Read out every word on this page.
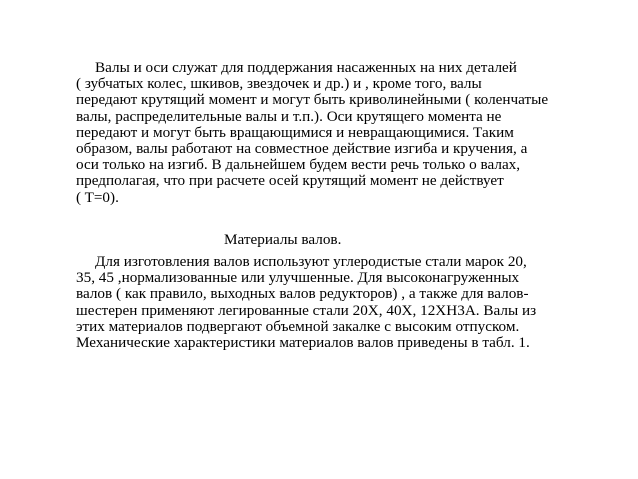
Валы и оси служат для поддержания насаженных на них деталей
( зубчатых колес, шкивов, звездочек и др.) и , кроме того, валы
передают крутящий момент и могут быть криволинейными ( коленчатые
валы, распределительные валы и т.п.). Оси крутящего момента не
передают и могут быть вращающимися и невращающимися. Таким
образом, валы работают на совместное действие изгиба и кручения, а
оси только на изгиб. В дальнейшем будем вести речь только о валах,
предполагая, что при расчете осей крутящий момент не действует
( T=0).
Материалы валов.
Для изготовления валов используют углеродистые стали марок 20,
35, 45 ,нормализованные или улучшенные. Для высоконагруженных
валов ( как правило, выходных валов редукторов) , а также для валов-
шестерен применяют легированные стали 20Х, 40Х, 12ХН3А. Валы из
этих материалов подвергают объемной закалке с высоким отпуском.
Механические характеристики материалов валов приведены в табл. 1.
